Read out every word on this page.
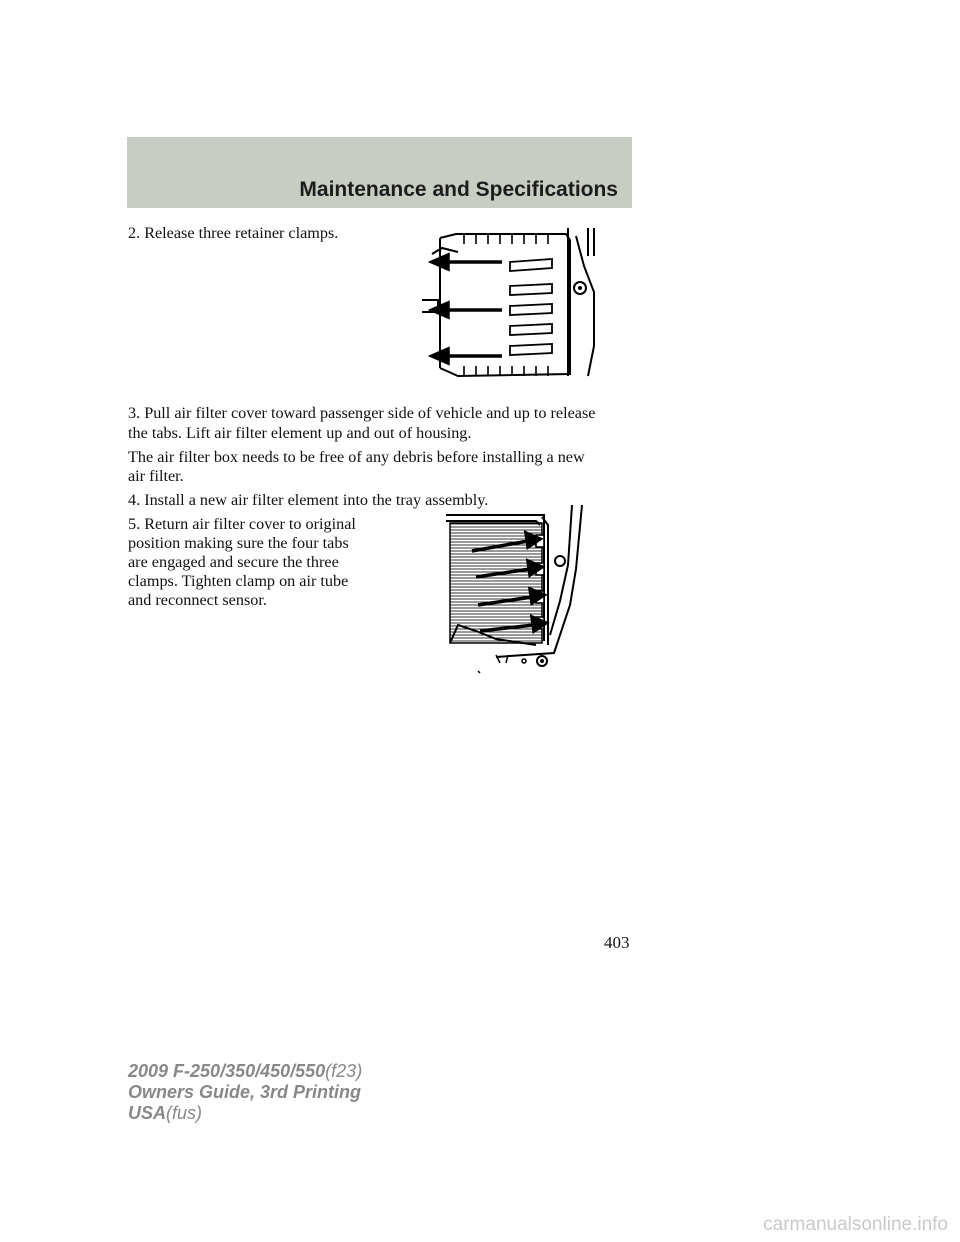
Maintenance and Specifications

2. Release three retainer clamps.

3. Pull air filter cover toward passenger side of vehicle and up to release

the tabs. Lift air filter element up and out of housing.

The air filter box needs to be free of any debris before installing a new

air filter.

4. Install a new air filter element into the tray assembly.

5. Return air filter cover to original

position making sure the four tabs

are engaged and secure the three

clamps. Tighten clamp on air tube

and reconnect sensor.

403
2009 F-250/350/450/550(f23)
Owners Guide, 3rd Printing
USA(fus)
carmanualsonline.info
